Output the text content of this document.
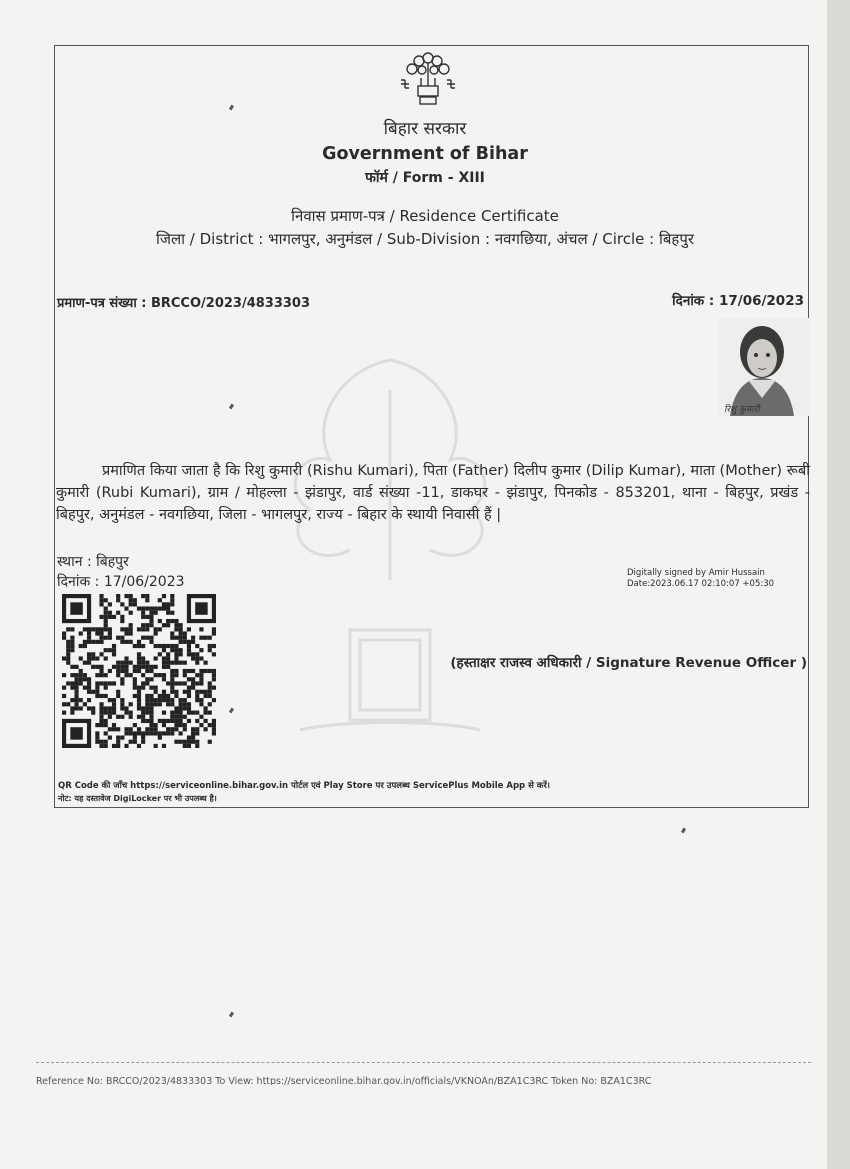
बिहार सरकार
Government of Bihar
फॉर्म / Form - XIII
निवास प्रमाण-पत्र / Residence Certificate
जिला / District : भागलपुर, अनुमंडल / Sub-Division : नवगछिया, अंचल / Circle : बिहपुर
प्रमाण-पत्र संख्या : BRCCO/2023/4833303	दिनांक : 17/06/2023
रिशु कुमारी
प्रमाणित किया जाता है कि रिशु कुमारी (Rishu Kumari), पिता (Father) दिलीप कुमार (Dilip Kumar), माता (Mother) रूबी कुमारी (Rubi Kumari), ग्राम / मोहल्ला - झंडापुर, वार्ड संख्या -11, डाकघर - झंडापुर, पिनकोड - 853201, थाना - बिहपुर, प्रखंड - बिहपुर, अनुमंडल - नवगछिया, जिला - भागलपुर, राज्य - बिहार के स्थायी निवासी हैं |
स्थान : बिहपुर
दिनांक : 17/06/2023
Digitally signed by Amir Hussain
Date:2023.06.17 02:10:07 +05:30
(हस्ताक्षर राजस्व अधिकारी / Signature Revenue Officer )
QR Code की जाँच https://serviceonline.bihar.gov.in पोर्टल एवं Play Store पर उपलब्ध ServicePlus Mobile App से करें।
नोट: यह दस्तावेज DigiLocker पर भी उपलब्ध है।
Reference No: BRCCO/2023/4833303 To View: https://serviceonline.bihar.gov.in/officials/VKNOAn/BZA1C3RC Token No: BZA1C3RC
